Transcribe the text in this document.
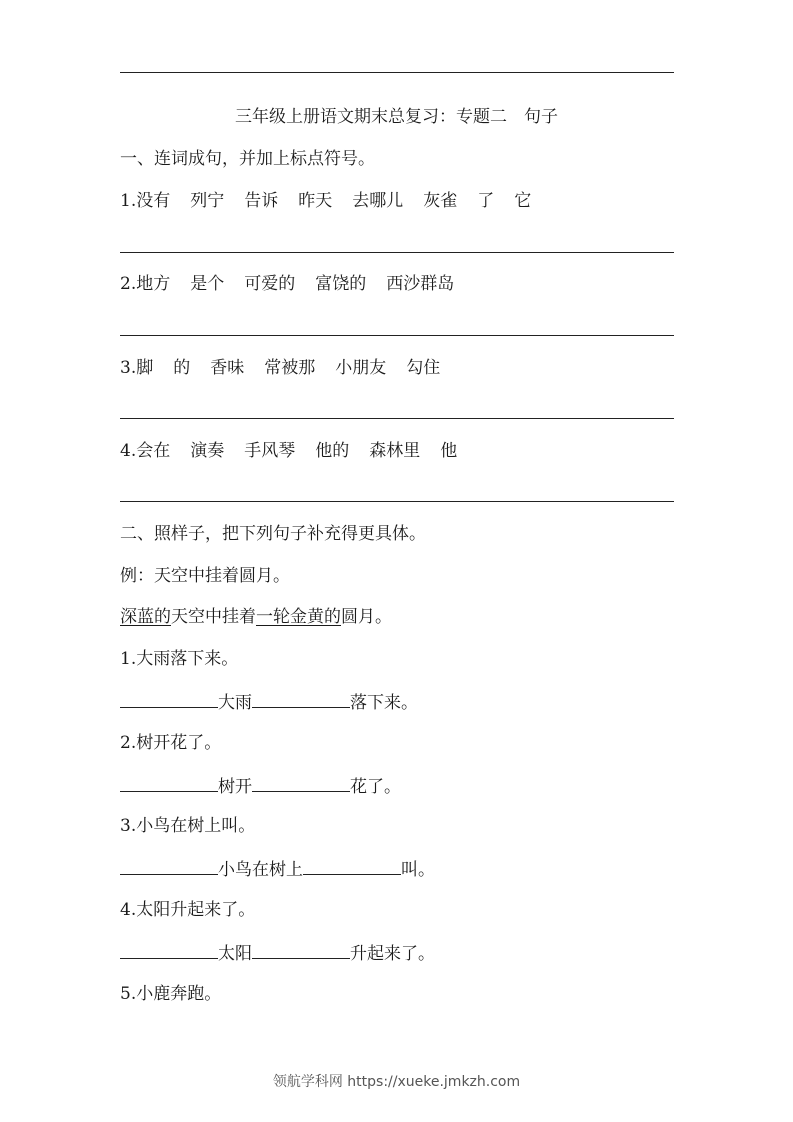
三年级上册语文期末总复习：专题二　句子
一、连词成句，并加上标点符号。
1.没有 列宁 告诉 昨天 去哪儿 灰雀 了 它
2.地方 是个 可爱的 富饶的 西沙群岛
3.脚 的 香味 常被那 小朋友 勾住
4.会在 演奏 手风琴 他的 森林里 他
二、照样子，把下列句子补充得更具体。
例：天空中挂着圆月。
深蓝的天空中挂着一轮金黄的圆月。
1.大雨落下来。
大雨	落下来。
2.树开花了。
树开	花了。
3.小鸟在树上叫。
小鸟在树上	叫。
4.太阳升起来了。
太阳	升起来了。
5.小鹿奔跑。
领航学科网 https://xueke.jmkzh.com
